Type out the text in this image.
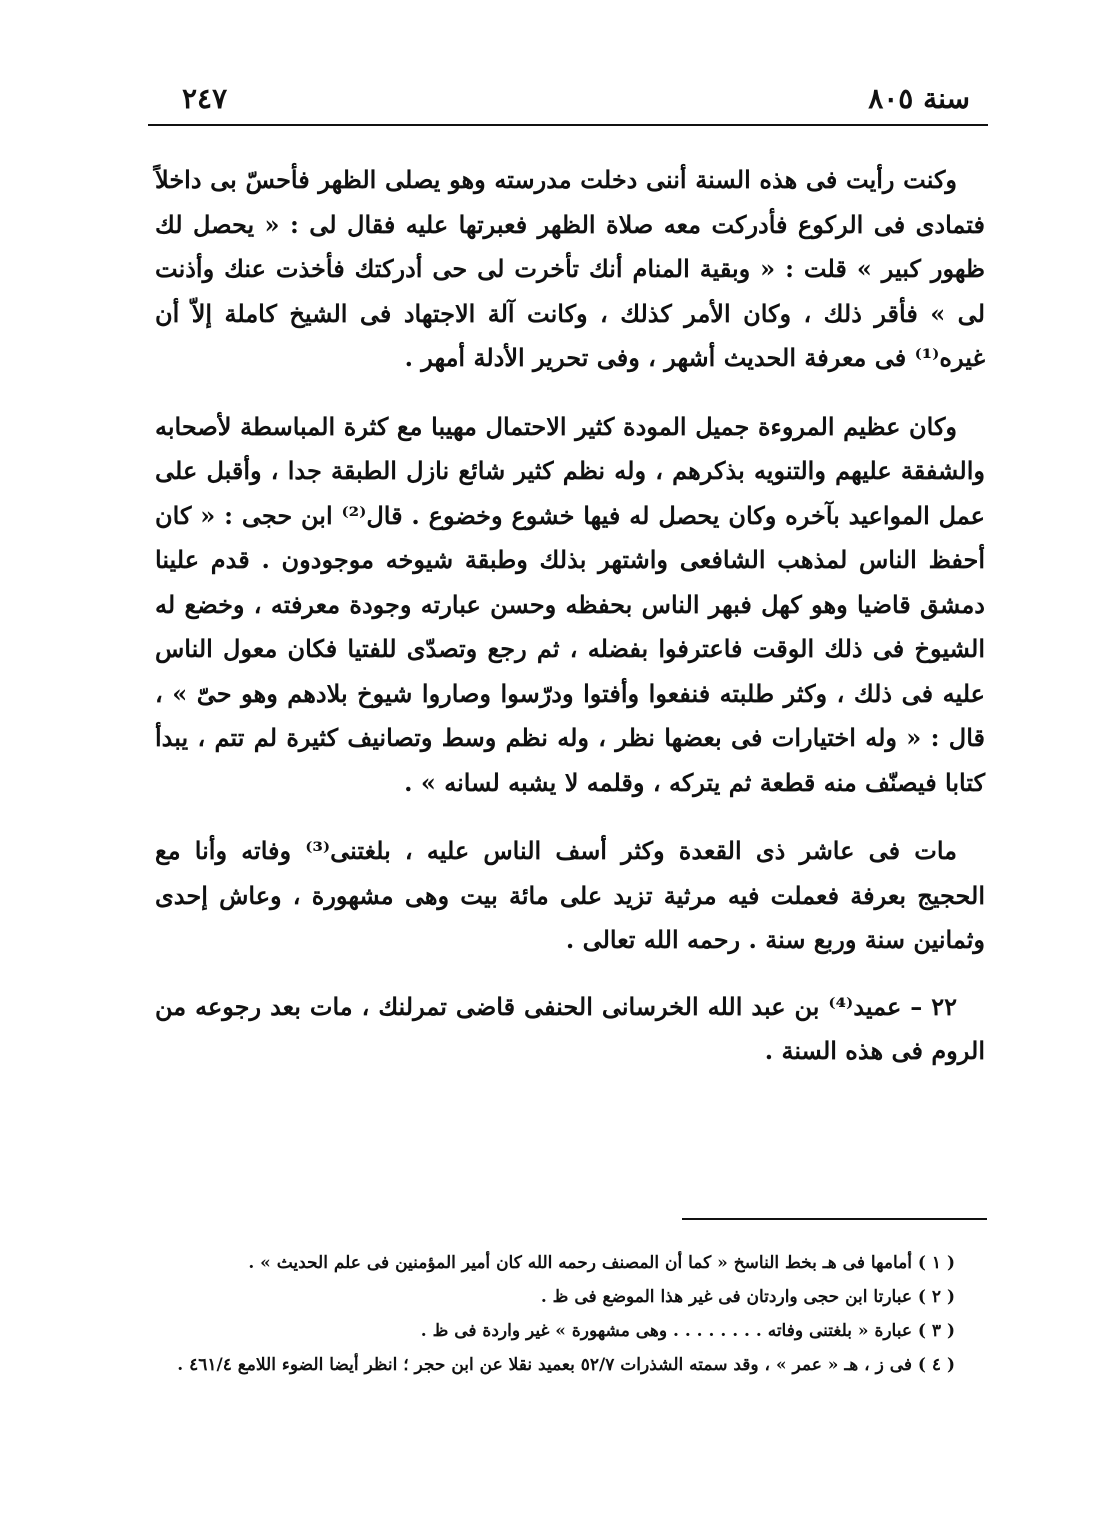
سنة ٨٠٥
٢٤٧

وكنت رأيت فى هذه السنة أننى دخلت مدرسته وهو يصلى الظهر فأحسّ بى داخلاً فتمادى فى الركوع فأدركت معه صلاة الظهر فعبرتها عليه فقال لى : « يحصل لك ظهور كبير » قلت : « وبقية المنام أنك تأخرت لى حى أدركتك فأخذت عنك وأذنت لى » فأقر ذلك ، وكان الأمر كذلك ، وكانت آلة الاجتهاد فى الشيخ كاملة إلاّ أن غيره⁽¹⁾ فى معرفة الحديث أشهر ، وفى تحرير الأدلة أمهر .

وكان عظيم المروءة جميل المودة كثير الاحتمال مهيبا مع كثرة المباسطة لأصحابه والشفقة عليهم والتنويه بذكرهم ، وله نظم كثير شائع نازل الطبقة جدا ، وأقبل على عمل المواعيد بآخره وكان يحصل له فيها خشوع وخضوع . قال⁽²⁾ ابن حجى : « كان أحفظ الناس لمذهب الشافعى واشتهر بذلك وطبقة شيوخه موجودون . قدم علينا دمشق قاضيا وهو كهل فبهر الناس بحفظه وحسن عبارته وجودة معرفته ، وخضع له الشيوخ فى ذلك الوقت فاعترفوا بفضله ، ثم رجع وتصدّى للفتيا فكان معول الناس عليه فى ذلك ، وكثر طلبته فنفعوا وأفتوا ودرّسوا وصاروا شيوخ بلادهم وهو حىّ » ، قال : « وله اختيارات فى بعضها نظر ، وله نظم وسط وتصانيف كثيرة لم تتم ، يبدأ كتابا فيصنّف منه قطعة ثم يتركه ، وقلمه لا يشبه لسانه » .

مات فى عاشر ذى القعدة وكثر أسف الناس عليه ، بلغتنى⁽³⁾ وفاته وأنا مع الحجيج بعرفة فعملت فيه مرثية تزيد على مائة بيت وهى مشهورة ، وعاش إحدى وثمانين سنة وربع سنة . رحمه الله تعالى .

٢٢ – عميد⁽⁴⁾ بن عبد الله الخرسانى الحنفى قاضى تمرلنك ، مات بعد رجوعه من الروم فى هذه السنة .

( ١ ) أمامها فى هـ بخط الناسخ « كما أن المصنف رحمه الله كان أمير المؤمنين فى علم الحديث » .

( ٢ ) عبارتا ابن حجى واردتان فى غير هذا الموضع فى ظ .

( ٣ ) عبارة « بلغتنى وفاته . . . . . . . . وهى مشهورة » غير واردة فى ظ .

( ٤ ) فى ز ، هـ « عمر » ، وقد سمته الشذرات ٥٢/٧ بعميد نقلا عن ابن حجر ؛ انظر أيضا الضوء اللامع ٤٦١/٤ .
